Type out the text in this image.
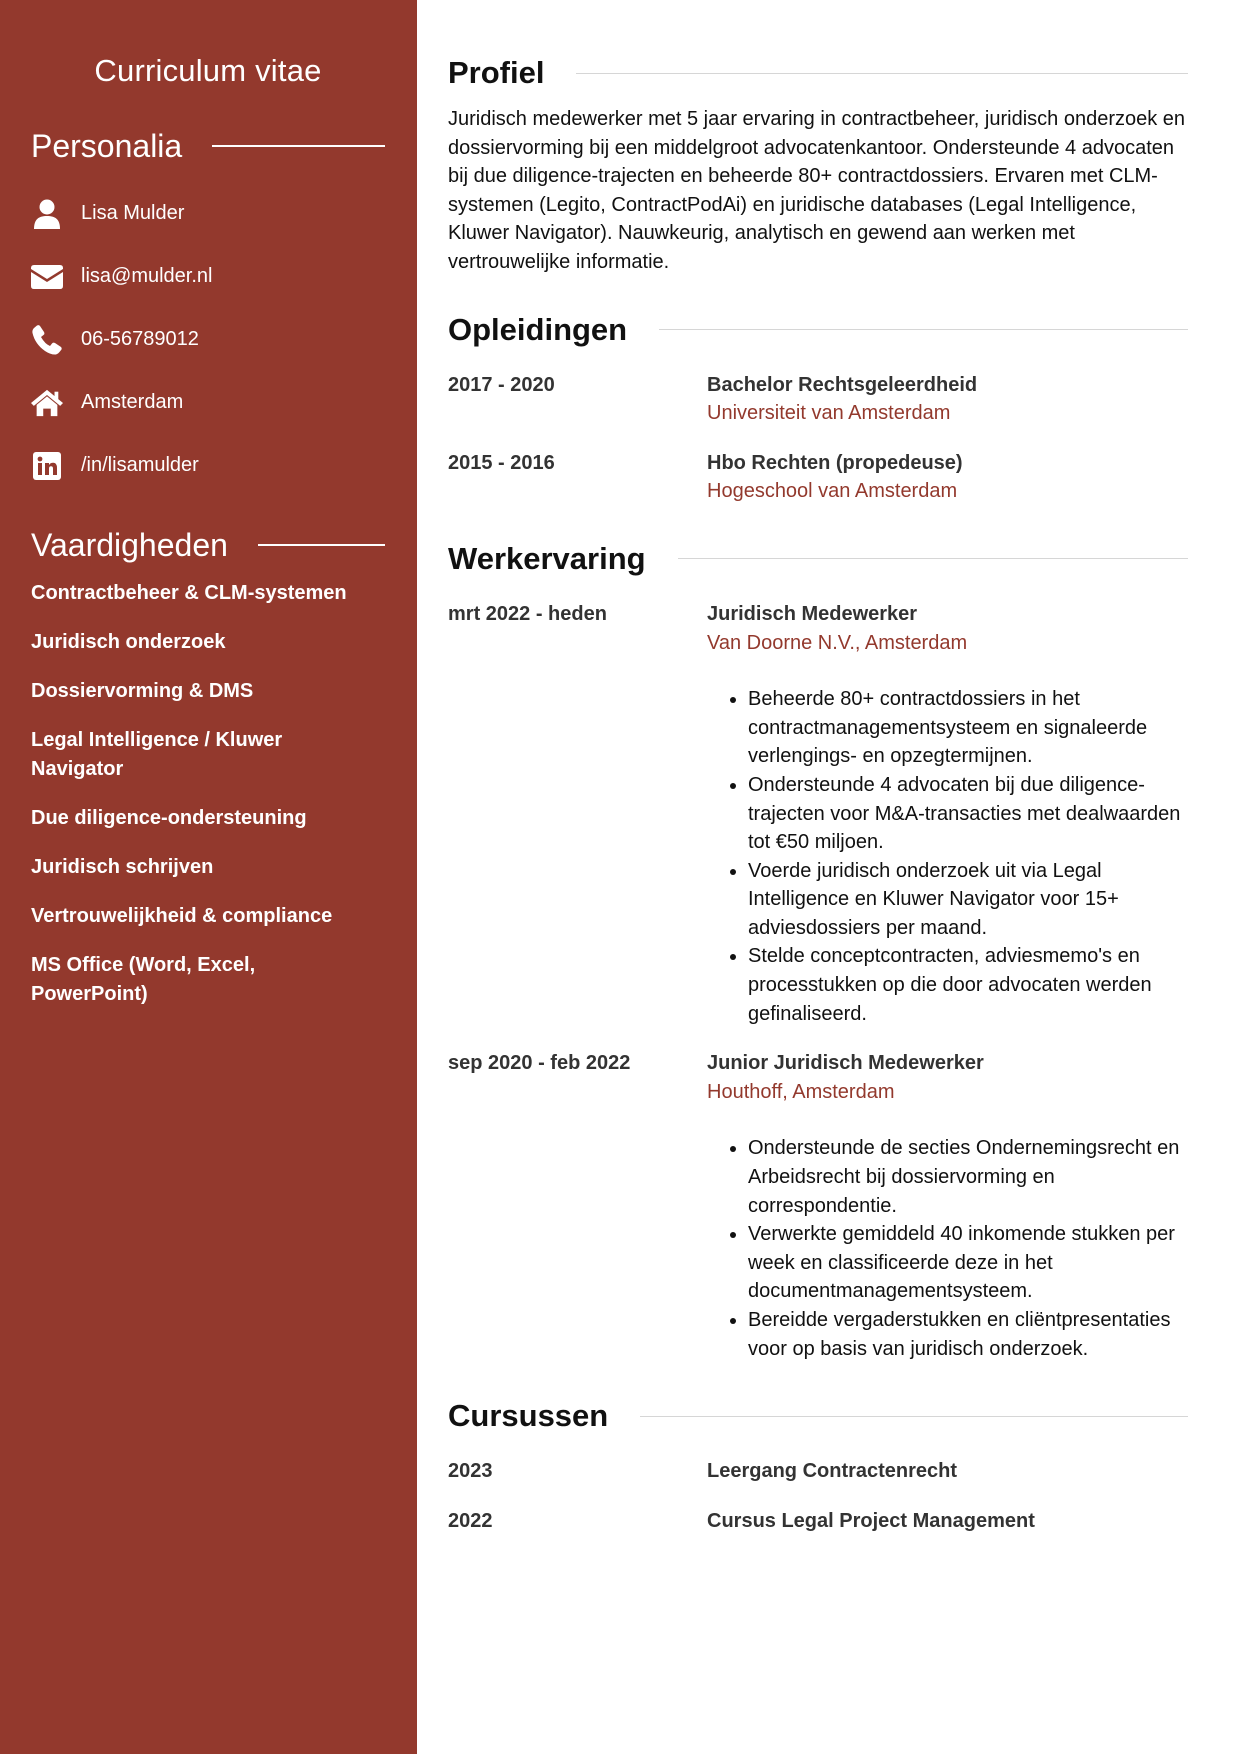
Curriculum vitae
Personalia
Lisa Mulder
lisa@mulder.nl
06-56789012
Amsterdam
/in/lisamulder
Vaardigheden
Contractbeheer & CLM-systemen
Juridisch onderzoek
Dossiervorming & DMS
Legal Intelligence / Kluwer Navigator
Due diligence-ondersteuning
Juridisch schrijven
Vertrouwelijkheid & compliance
MS Office (Word, Excel, PowerPoint)
Profiel

Juridisch medewerker met 5 jaar ervaring in contractbeheer, juridisch onderzoek en dossiervorming bij een middelgroot advocatenkantoor. Ondersteunde 4 advocaten bij due diligence-trajecten en beheerde 80+ contractdossiers. Ervaren met CLM-systemen (Legito, ContractPodAi) en juridische databases (Legal Intelligence, Kluwer Navigator). Nauwkeurig, analytisch en gewend aan werken met vertrouwelijke informatie.

Opleidingen
2017 - 2020	Bachelor Rechtsgeleerdheid
Universiteit van Amsterdam
2015 - 2016	Hbo Rechten (propedeuse)
Hogeschool van Amsterdam
Werkervaring
mrt 2022 - heden	Juridisch Medewerker
Van Doorne N.V., Amsterdam
• Beheerde 80+ contractdossiers in het contractmanagementsysteem en signaleerde verlengings- en opzegtermijnen.
• Ondersteunde 4 advocaten bij due diligence-trajecten voor M&A-transacties met dealwaarden tot €50 miljoen.
• Voerde juridisch onderzoek uit via Legal Intelligence en Kluwer Navigator voor 15+ adviesdossiers per maand.
• Stelde conceptcontracten, adviesmemo's en processtukken op die door advocaten werden gefinaliseerd.
sep 2020 - feb 2022	Junior Juridisch Medewerker
Houthoff, Amsterdam
• Ondersteunde de secties Ondernemingsrecht en Arbeidsrecht bij dossiervorming en correspondentie.
• Verwerkte gemiddeld 40 inkomende stukken per week en classificeerde deze in het documentmanagementsysteem.
• Bereidde vergaderstukken en cliëntpresentaties voor op basis van juridisch onderzoek.
Cursussen
2023	Leergang Contractenrecht
2022	Cursus Legal Project Management
